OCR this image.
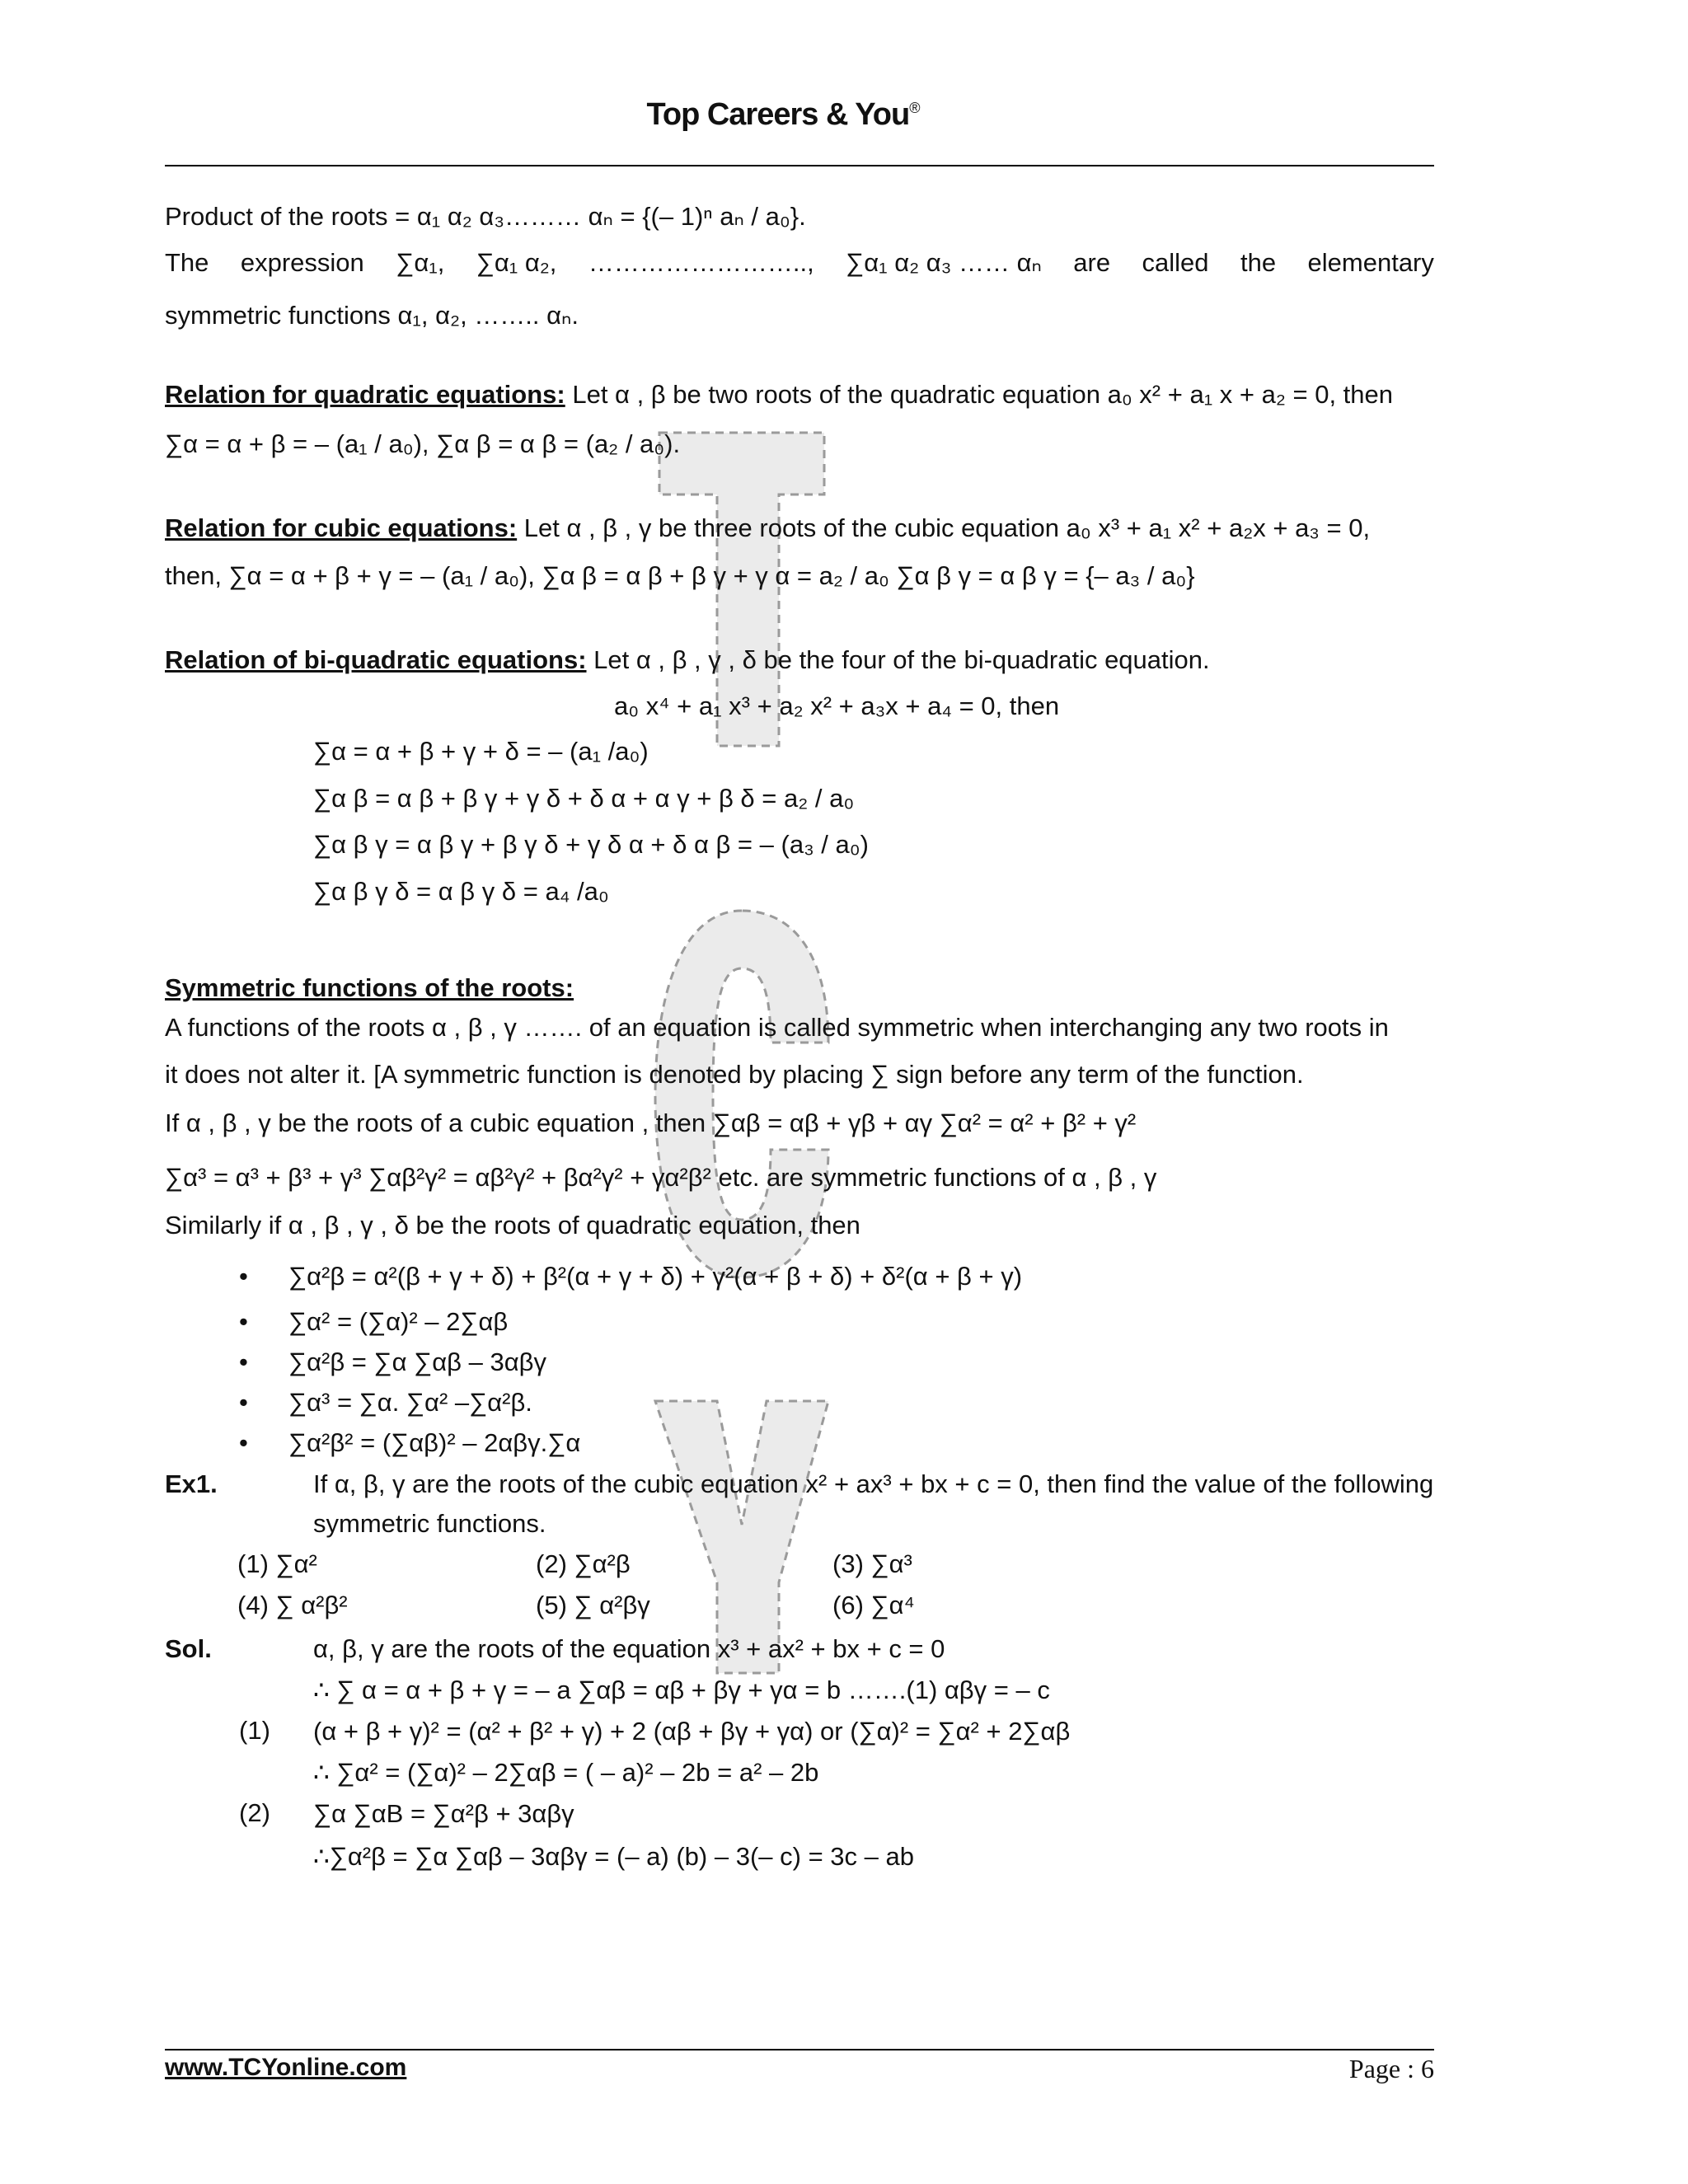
Top Careers & You®
Product of the roots = α₁ α₂ α₃……… αₙ = {(– 1)ⁿ aₙ / a₀}.
The expression ∑α₁, ∑α₁ α₂, …………………….., ∑α₁ α₂ α₃ …… αₙ are called the elementary
symmetric functions α₁, α₂, …….. αₙ.
Relation for quadratic equations: Let α , β be two roots of the quadratic equation a₀ x² + a₁ x + a₂ = 0, then
∑α = α + β = – (a₁ / a₀), ∑α β = α β = (a₂ / a₀).
Relation for cubic equations: Let α , β , γ be three roots of the cubic equation a₀ x³ + a₁ x² + a₂x + a₃ = 0,
then, ∑α = α + β + γ = – (a₁ / a₀), ∑α β = α β + β γ + γ α = a₂ / a₀ ∑α β γ = α β γ = {– a₃ / a₀}
Relation of bi-quadratic equations: Let α , β , γ , δ be the four of the bi-quadratic equation.
a₀ x⁴ + a₁ x³ + a₂ x² + a₃x + a₄ = 0, then
∑α = α + β + γ + δ = – (a₁ /a₀)
∑α β = α β + β γ + γ δ + δ α + α γ + β δ = a₂ / a₀
∑α β γ = α β γ + β γ δ + γ δ α + δ α β = – (a₃ / a₀)
∑α β γ δ = α β γ δ = a₄ /a₀
Symmetric functions of the roots:
A functions of the roots α , β , γ ……. of an equation is called symmetric when interchanging any two roots in
it does not alter it. [A symmetric function is denoted by placing ∑ sign before any term of the function.
If α , β , γ be the roots of a cubic equation , then ∑αβ = αβ + γβ + αγ ∑α² = α² + β² + γ²
∑α³ = α³ + β³ + γ³ ∑αβ²γ² = αβ²γ² + βα²γ² + γα²β² etc. are symmetric functions of α , β , γ
Similarly if α , β , γ , δ be the roots of quadratic equation, then
• ∑α²β = α²(β + γ + δ) + β²(α + γ + δ) + γ²(α + β + δ) + δ²(α + β + γ)
• ∑α² = (∑α)² – 2∑αβ
• ∑α²β = ∑α ∑αβ – 3αβγ
• ∑α³ = ∑α. ∑α² –∑α²β.
• ∑α²β² = (∑αβ)² – 2αβγ.∑α
Ex1.	If α, β, γ are the roots of the cubic equation x² + ax³ + bx + c = 0, then find the value of the following
symmetric functions.
(1) ∑α²	(2) ∑α²β	(3) ∑α³
(4) ∑ α²β²	(5) ∑ α²βγ	(6) ∑α⁴
Sol.	α, β, γ are the roots of the equation x³ + ax² + bx + c = 0
∴ ∑ α = α + β + γ = – a ∑αβ = αβ + βγ + γα = b …….(1) αβγ = – c
(1) (α + β + γ)² = (α² + β² + γ) + 2 (αβ + βγ + γα) or (∑α)² = ∑α² + 2∑αβ
∴ ∑α² = (∑α)² – 2∑αβ = ( – a)² – 2b = a² – 2b
(2) ∑α ∑αB = ∑α²β + 3αβγ
∴∑α²β = ∑α ∑αβ – 3αβγ = (– a) (b) – 3(– c) = 3c – ab
www.TCYonline.com	Page : 6
